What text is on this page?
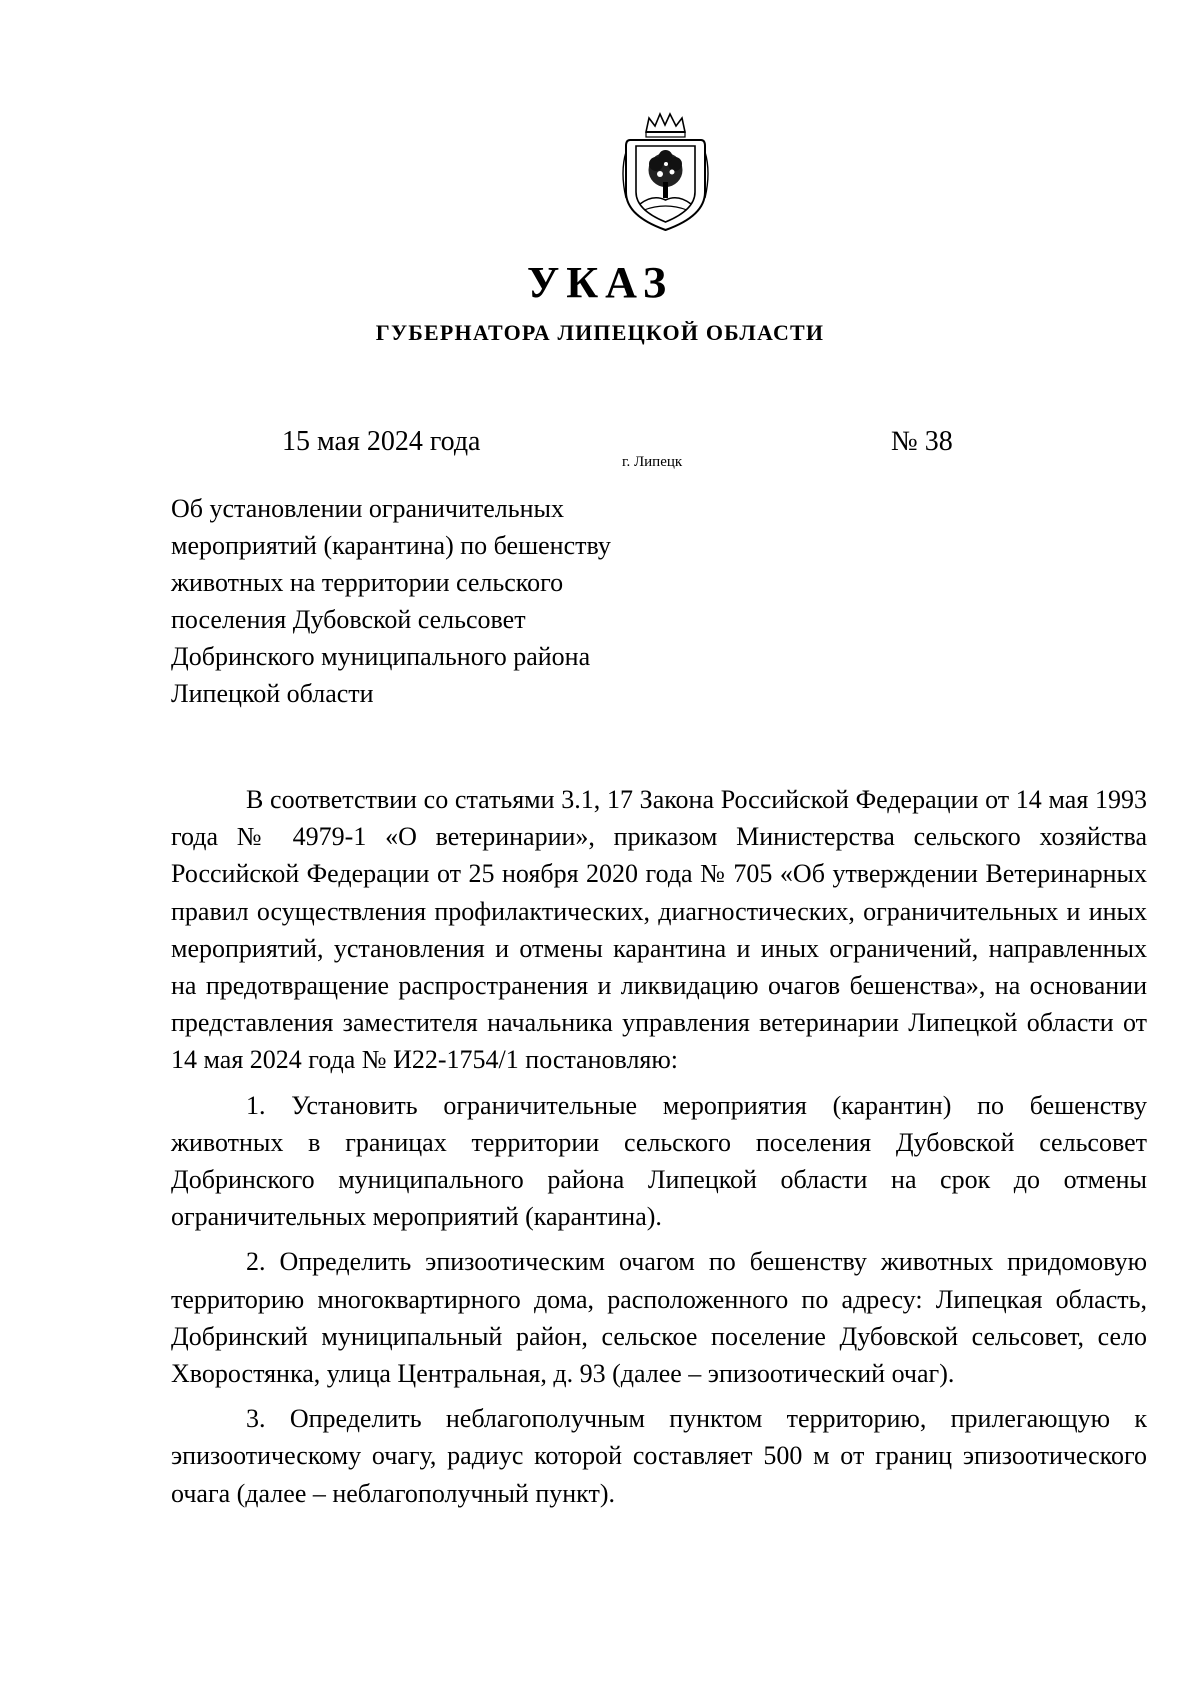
УКАЗ
ГУБЕРНАТОРА ЛИПЕЦКОЙ ОБЛАСТИ
15 мая 2024 года
г. Липецк
№ 38
Об установлении ограничительных
мероприятий (карантина) по бешенству
животных на территории сельского
поселения Дубовской сельсовет
Добринского муниципального района
Липецкой области

В соответствии со статьями 3.1, 17 Закона Российской Федерации от 14 мая 1993 года № 4979-1 «О ветеринарии», приказом Министерства сельского хозяйства Российской Федерации от 25 ноября 2020 года № 705 «Об утверждении Ветеринарных правил осуществления профилактических, диагностических, ограничительных и иных мероприятий, установления и отмены карантина и иных ограничений, направленных на предотвращение распространения и ликвидацию очагов бешенства», на основании представления заместителя начальника управления ветеринарии Липецкой области от 14 мая 2024 года № И22-1754/1 постановляю:

1. Установить ограничительные мероприятия (карантин) по бешенству животных в границах территории сельского поселения Дубовской сельсовет Добринского муниципального района Липецкой области на срок до отмены ограничительных мероприятий (карантина).

2. Определить эпизоотическим очагом по бешенству животных придомовую территорию многоквартирного дома, расположенного по адресу: Липецкая область, Добринский муниципальный район, сельское поселение Дубовской сельсовет, село Хворостянка, улица Центральная, д. 93 (далее – эпизоотический очаг).

3. Определить неблагополучным пунктом территорию, прилегающую к эпизоотическому очагу, радиус которой составляет 500 м от границ эпизоотического очага (далее – неблагополучный пункт).
